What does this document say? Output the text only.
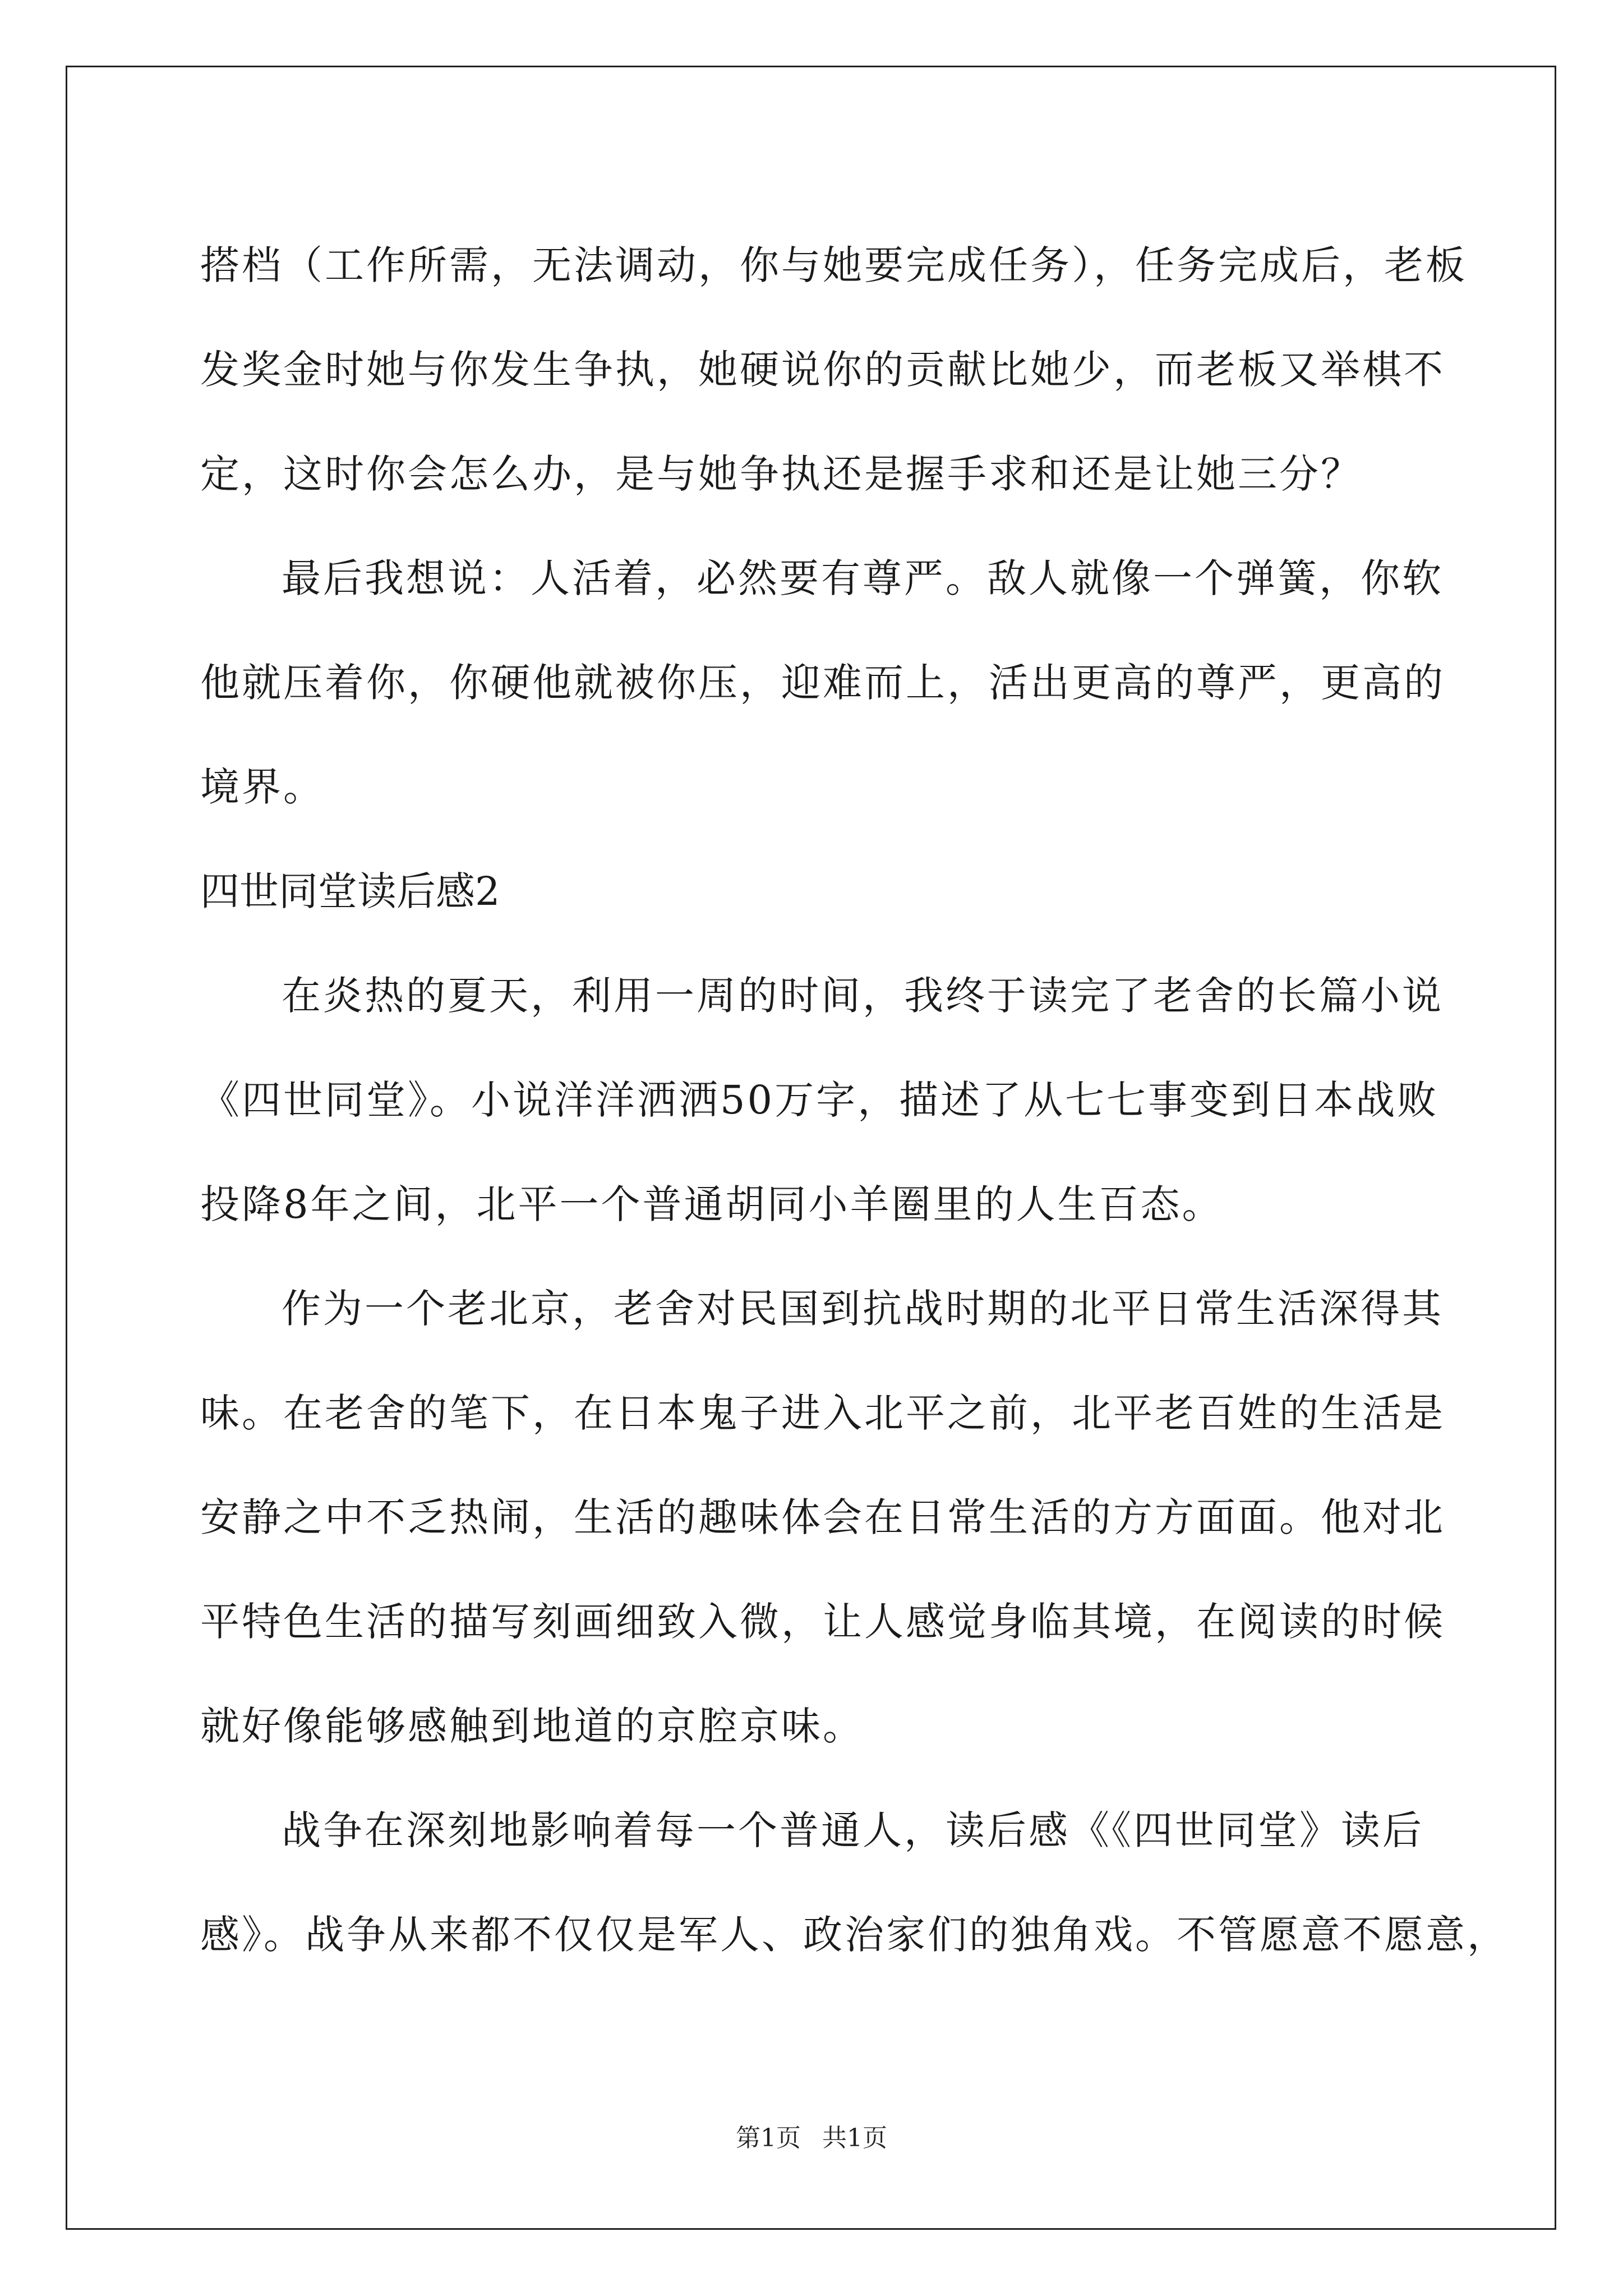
搭档（工作所需，无法调动，你与她要完成任务），任务完成后，老板
发奖金时她与你发生争执，她硬说你的贡献比她少，而老板又举棋不
定，这时你会怎么办，是与她争执还是握手求和还是让她三分？
最后我想说：人活着，必然要有尊严。敌人就像一个弹簧，你软
他就压着你，你硬他就被你压，迎难而上，活出更高的尊严，更高的
境界。
四世同堂读后感2
在炎热的夏天，利用一周的时间，我终于读完了老舍的长篇小说
《四世同堂》。小说洋洋洒洒50万字，描述了从七七事变到日本战败
投降8年之间，北平一个普通胡同小羊圈里的人生百态。
作为一个老北京，老舍对民国到抗战时期的北平日常生活深得其
味。在老舍的笔下，在日本鬼子进入北平之前，北平老百姓的生活是
安静之中不乏热闹，生活的趣味体会在日常生活的方方面面。他对北
平特色生活的描写刻画细致入微，让人感觉身临其境，在阅读的时候
就好像能够感触到地道的京腔京味。
战争在深刻地影响着每一个普通人，读后感《《四世同堂》读后
感》。战争从来都不仅仅是军人、政治家们的独角戏。不管愿意不愿意，
第1页 共1页
